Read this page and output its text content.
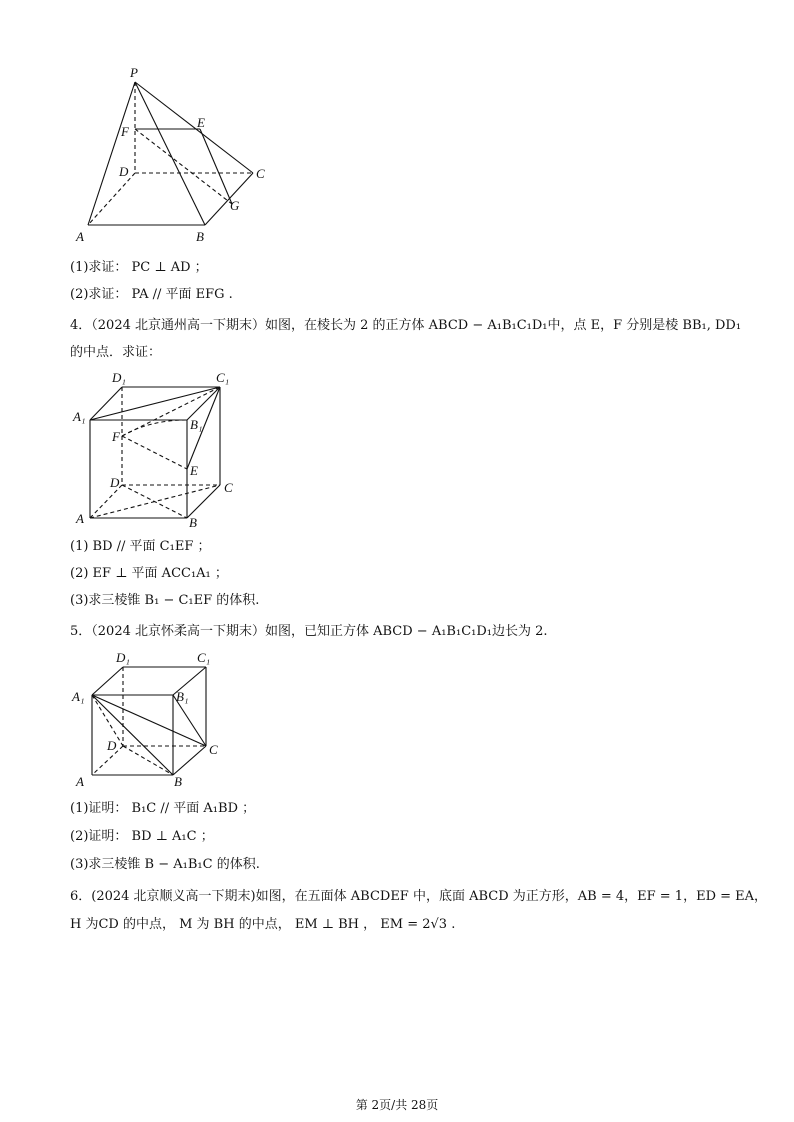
P
E
F
D	C
G
A	B
(1)求证： PC ⊥ AD ；
(2)求证： PA // 平面 EFG .
4．（2024 北京通州高一下期末）如图，在棱长为 2 的正方体 ABCD − A₁B₁C₁D₁中，点 E，F 分别是棱 BB₁, DD₁
的中点．求证：
D₁	C₁
A₁
B₁
F
E
D	C
A	B
(1) BD // 平面 C₁EF ；
(2) EF ⊥ 平面 ACC₁A₁ ；
(3)求三棱锥 B₁ − C₁EF 的体积.
5．（2024 北京怀柔高一下期末）如图，已知正方体 ABCD − A₁B₁C₁D₁边长为 2.
D₁	C₁
A₁	B₁
D	C
A	B
(1)证明： B₁C // 平面 A₁BD ；
(2)证明： BD ⊥ A₁C ；
(3)求三棱锥 B − A₁B₁C 的体积.
6．(2024 北京顺义高一下期末)如图，在五面体 ABCDEF 中，底面 ABCD 为正方形，AB = 4，EF = 1，ED = EA，
H 为CD 的中点， M 为 BH 的中点， EM ⊥ BH ， EM = 2√3 .
第 2页/共 28页
